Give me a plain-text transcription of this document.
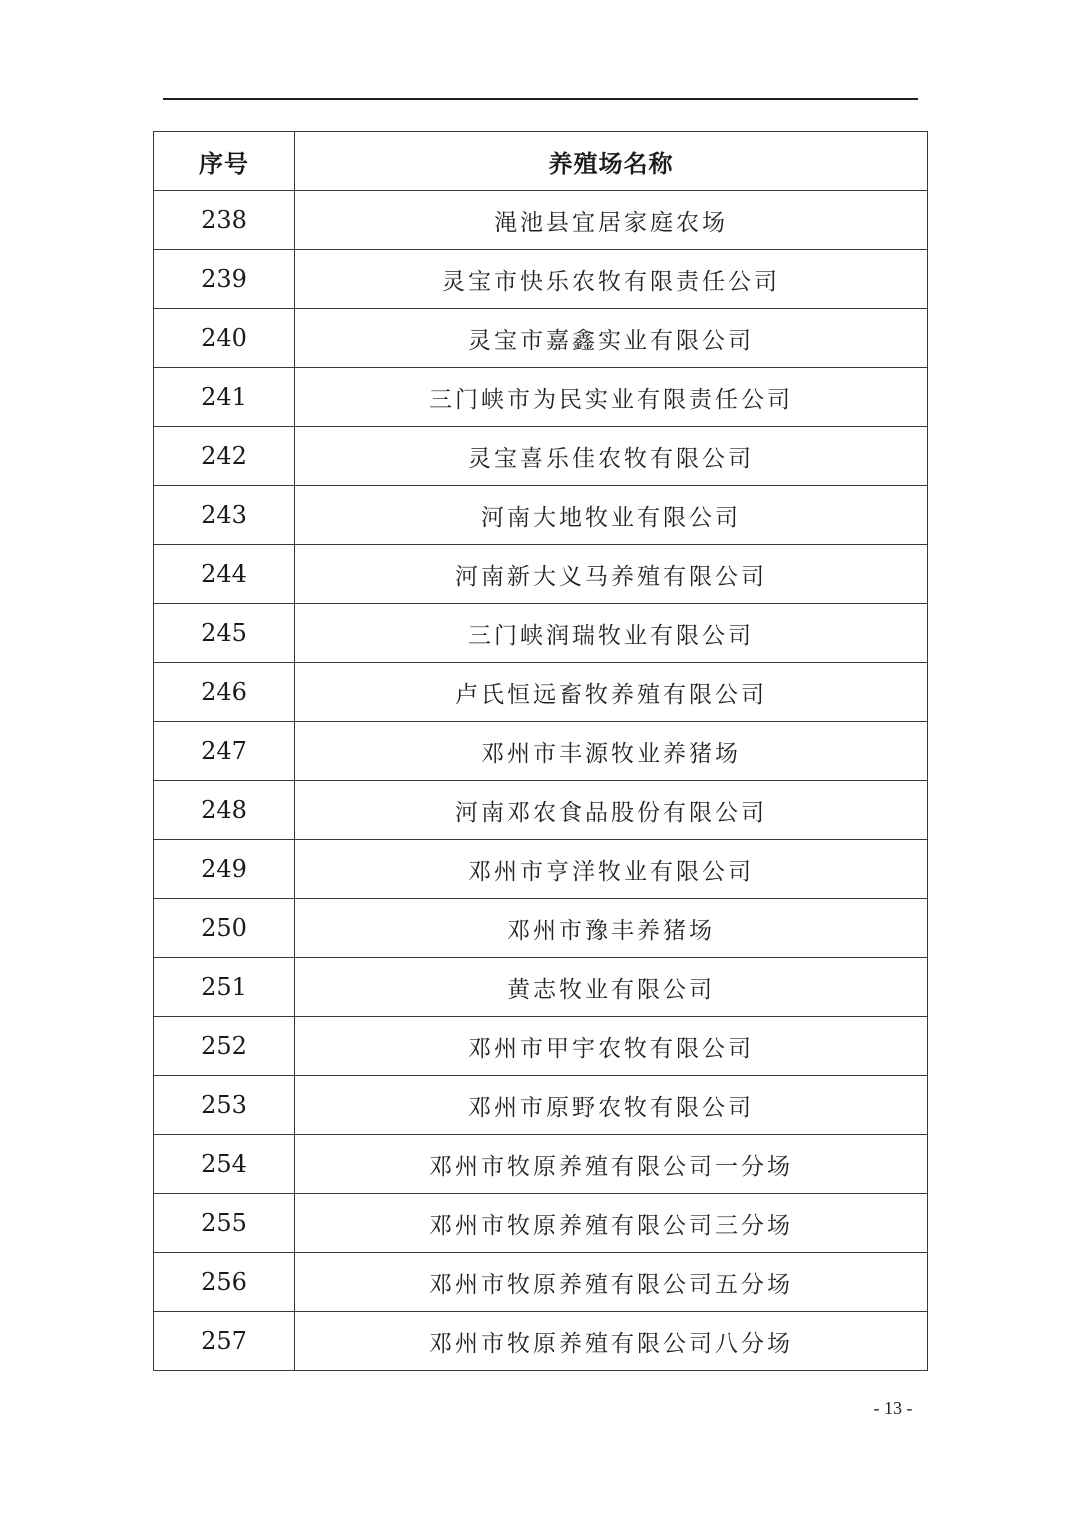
序号	养殖场名称
238	渑池县宜居家庭农场
239	灵宝市快乐农牧有限责任公司
240	灵宝市嘉鑫实业有限公司
241	三门峡市为民实业有限责任公司
242	灵宝喜乐佳农牧有限公司
243	河南大地牧业有限公司
244	河南新大义马养殖有限公司
245	三门峡润瑞牧业有限公司
246	卢氏恒远畜牧养殖有限公司
247	邓州市丰源牧业养猪场
248	河南邓农食品股份有限公司
249	邓州市亨洋牧业有限公司
250	邓州市豫丰养猪场
251	黄志牧业有限公司
252	邓州市甲宇农牧有限公司
253	邓州市原野农牧有限公司
254	邓州市牧原养殖有限公司一分场
255	邓州市牧原养殖有限公司三分场
256	邓州市牧原养殖有限公司五分场
257	邓州市牧原养殖有限公司八分场
- 13 -
